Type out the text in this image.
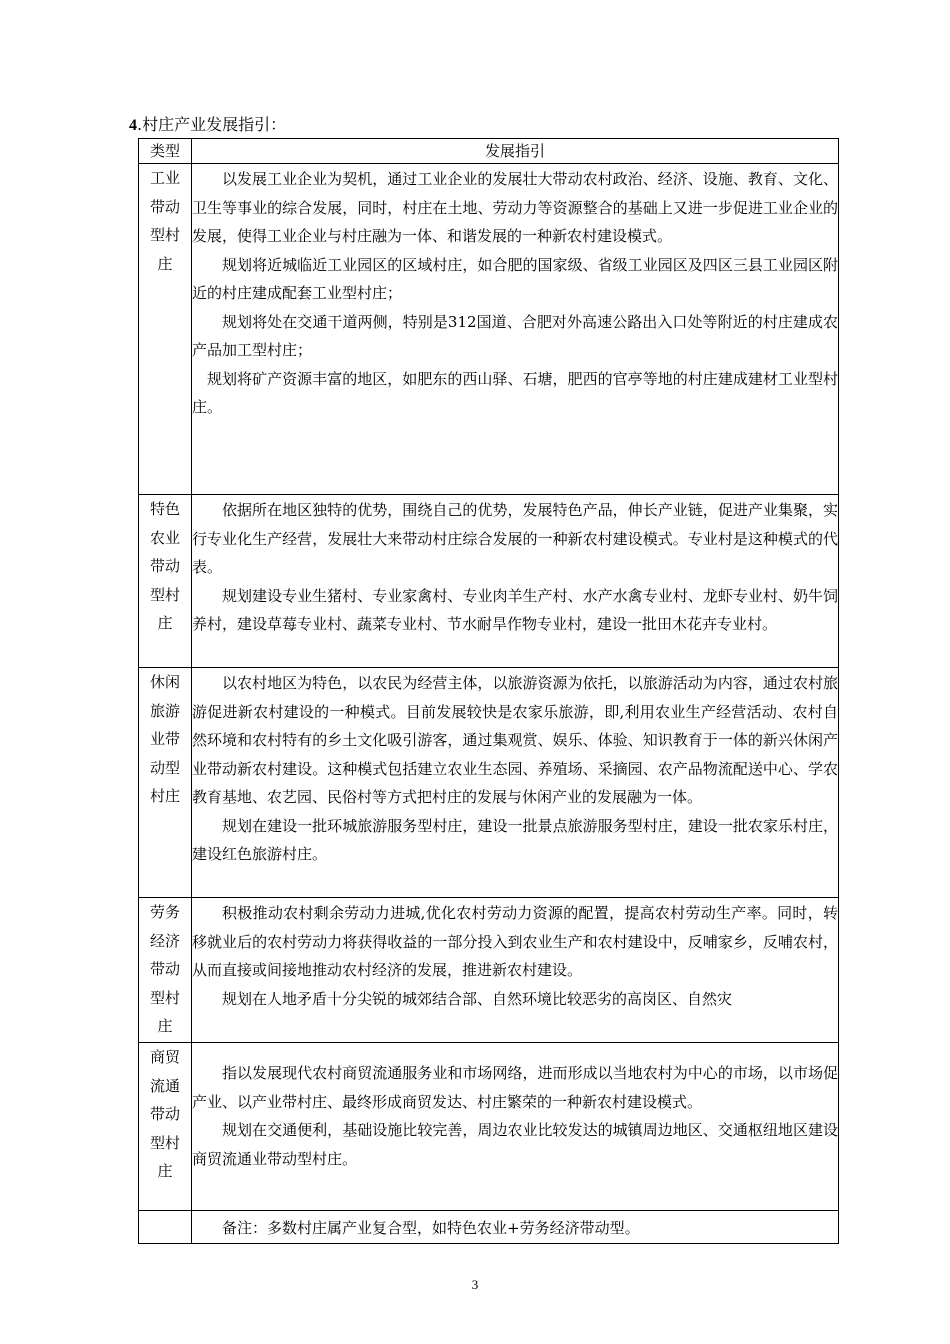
4.村庄产业发展指引：
类型	发展指引

工业带动型村庄	以发展工业企业为契机，通过工业企业的发展壮大带动农村政治、经济、设施、教育、文化、卫生等事业的综合发展，同时，村庄在土地、劳动力等资源整合的基础上又进一步促进工业企业的发展，使得工业企业与村庄融为一体、和谐发展的一种新农村建设模式。

规划将近城临近工业园区的区域村庄，如合肥的国家级、省级工业园区及四区三县工业园区附近的村庄建成配套工业型村庄；

规划将处在交通干道两侧，特别是312国道、合肥对外高速公路出入口处等附近的村庄建成农产品加工型村庄；

规划将矿产资源丰富的地区，如肥东的西山驿、石塘，肥西的官亭等地的村庄建成建材工业型村庄。

特色农业带动型村庄	依据所在地区独特的优势，围绕自己的优势，发展特色产品，伸长产业链，促进产业集聚，实行专业化生产经营，发展壮大来带动村庄综合发展的一种新农村建设模式。专业村是这种模式的代表。

规划建设专业生猪村、专业家禽村、专业肉羊生产村、水产水禽专业村、龙虾专业村、奶牛饲养村，建设草莓专业村、蔬菜专业村、节水耐旱作物专业村，建设一批田木花卉专业村。

休闲旅游业带动型村庄	以农村地区为特色，以农民为经营主体，以旅游资源为依托，以旅游活动为内容，通过农村旅游促进新农村建设的一种模式。目前发展较快是农家乐旅游，即,利用农业生产经营活动、农村自然环境和农村特有的乡土文化吸引游客，通过集观赏、娱乐、体验、知识教育于一体的新兴休闲产业带动新农村建设。这种模式包括建立农业生态园、养殖场、采摘园、农产品物流配送中心、学农教育基地、农艺园、民俗村等方式把村庄的发展与休闲产业的发展融为一体。

规划在建设一批环城旅游服务型村庄，建设一批景点旅游服务型村庄，建设一批农家乐村庄，建设红色旅游村庄。

劳务经济带动型村庄	积极推动农村剩余劳动力进城,优化农村劳动力资源的配置，提高农村劳动生产率。同时，转移就业后的农村劳动力将获得收益的一部分投入到农业生产和农村建设中，反哺家乡，反哺农村，从而直接或间接地推动农村经济的发展，推进新农村建设。

规划在人地矛盾十分尖锐的城郊结合部、自然环境比较恶劣的高岗区、自然灾

商贸流通带动型村庄	指以发展现代农村商贸流通服务业和市场网络，进而形成以当地农村为中心的市场，以市场促产业、以产业带村庄、最终形成商贸发达、村庄繁荣的一种新农村建设模式。

规划在交通便利，基础设施比较完善，周边农业比较发达的城镇周边地区、交通枢纽地区建设商贸流通业带动型村庄。

	备注：多数村庄属产业复合型，如特色农业+劳务经济带动型。

3
